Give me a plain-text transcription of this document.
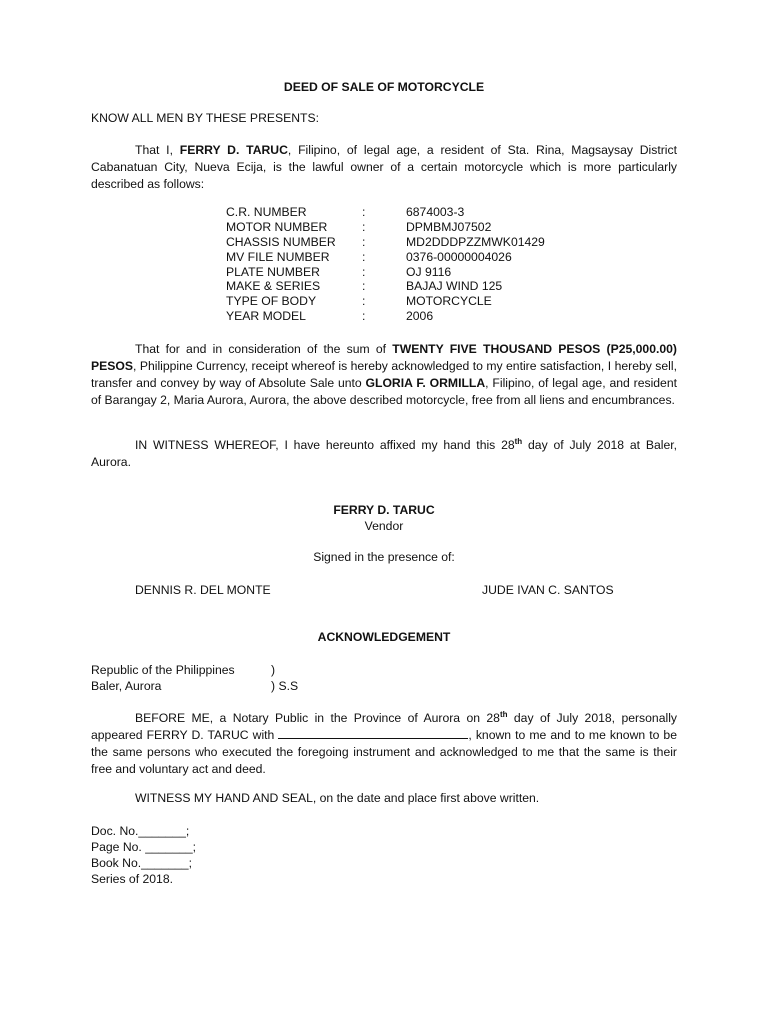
DEED OF SALE OF MOTORCYCLE
KNOW ALL MEN BY THESE PRESENTS:
That I, FERRY D. TARUC, Filipino, of legal age, a resident of Sta. Rina, Magsaysay District Cabanatuan City, Nueva Ecija, is the lawful owner of a certain motorcycle which is more particularly described as follows:
C.R. NUMBER	:	6874003-3
MOTOR NUMBER	:	DPMBMJ07502
CHASSIS NUMBER :	MD2DDDPZZMWK01429
MV FILE NUMBER	:	0376-00000004026
PLATE NUMBER	:	OJ 9116
MAKE & SERIES	:	BAJAJ WIND 125
TYPE OF BODY	:	MOTORCYCLE
YEAR MODEL	:	2006
That for and in consideration of the sum of TWENTY FIVE THOUSAND PESOS (P25,000.00) PESOS, Philippine Currency, receipt whereof is hereby acknowledged to my entire satisfaction, I hereby sell, transfer and convey by way of Absolute Sale unto GLORIA F. ORMILLA, Filipino, of legal age, and resident of Barangay 2, Maria Aurora, Aurora, the above described motorcycle, free from all liens and encumbrances.
IN WITNESS WHEREOF, I have hereunto affixed my hand this 28th day of July 2018 at Baler, Aurora.
FERRY D. TARUC
Vendor
Signed in the presence of:
DENNIS R. DEL MONTE	JUDE IVAN C. SANTOS
ACKNOWLEDGEMENT
Republic of the Philippines	)
Baler, Aurora	) S.S
BEFORE ME, a Notary Public in the Province of Aurora on 28th day of July 2018, personally appeared FERRY D. TARUC with	, known to me and to me known to be the same persons who executed the foregoing instrument and acknowledged to me that the same is their free and voluntary act and deed.
WITNESS MY HAND AND SEAL, on the date and place first above written.
Doc. No._______;
Page No. _______;
Book No._______;
Series of 2018.
